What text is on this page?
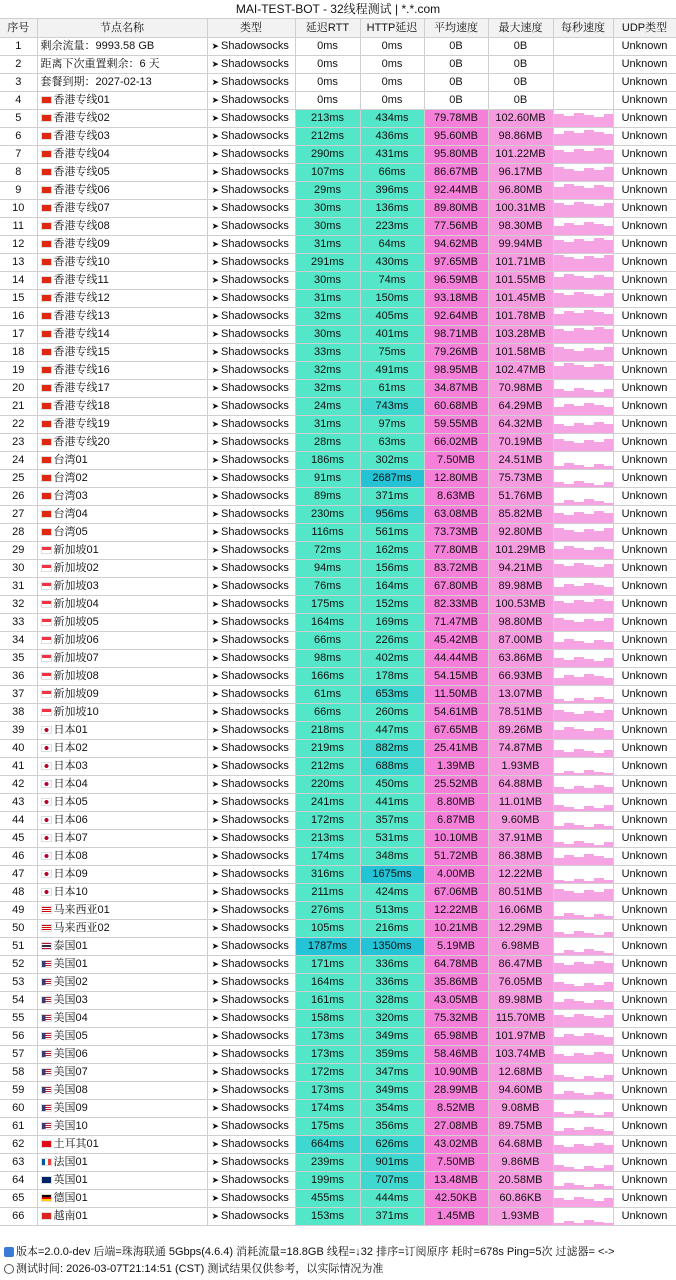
MAI-TEST-BOT - 32线程测试 | *.*.com
序号	节点名称	类型	延迟RTT	HTTP延迟	平均速度	最大速度	每秒速度	UDP类型
1	剩余流量：9993.58 GB	➤ Shadowsocks	0ms	0ms	0B	0B		Unknown
2	距离下次重置剩余：6 天	➤ Shadowsocks	0ms	0ms	0B	0B		Unknown
3	套餐到期：2027-02-13	➤ Shadowsocks	0ms	0ms	0B	0B		Unknown
4	香港专线01	➤ Shadowsocks	0ms	0ms	0B	0B		Unknown
5	香港专线02	➤ Shadowsocks	213ms	434ms	79.78MB	102.60MB		Unknown
6	香港专线03	➤ Shadowsocks	212ms	436ms	95.60MB	98.86MB		Unknown
7	香港专线04	➤ Shadowsocks	290ms	431ms	95.80MB	101.22MB		Unknown
8	香港专线05	➤ Shadowsocks	107ms	66ms	86.67MB	96.17MB		Unknown
9	香港专线06	➤ Shadowsocks	29ms	396ms	92.44MB	96.80MB		Unknown
10	香港专线07	➤ Shadowsocks	30ms	136ms	89.80MB	100.31MB		Unknown
11	香港专线08	➤ Shadowsocks	30ms	223ms	77.56MB	98.30MB		Unknown
12	香港专线09	➤ Shadowsocks	31ms	64ms	94.62MB	99.94MB		Unknown
13	香港专线10	➤ Shadowsocks	291ms	430ms	97.65MB	101.71MB		Unknown
14	香港专线11	➤ Shadowsocks	30ms	74ms	96.59MB	101.55MB		Unknown
15	香港专线12	➤ Shadowsocks	31ms	150ms	93.18MB	101.45MB		Unknown
16	香港专线13	➤ Shadowsocks	32ms	405ms	92.64MB	101.78MB		Unknown
17	香港专线14	➤ Shadowsocks	30ms	401ms	98.71MB	103.28MB		Unknown
18	香港专线15	➤ Shadowsocks	33ms	75ms	79.26MB	101.58MB		Unknown
19	香港专线16	➤ Shadowsocks	32ms	491ms	98.95MB	102.47MB		Unknown
20	香港专线17	➤ Shadowsocks	32ms	61ms	34.87MB	70.98MB		Unknown
21	香港专线18	➤ Shadowsocks	24ms	743ms	60.68MB	64.29MB		Unknown
22	香港专线19	➤ Shadowsocks	31ms	97ms	59.55MB	64.32MB		Unknown
23	香港专线20	➤ Shadowsocks	28ms	63ms	66.02MB	70.19MB		Unknown
24	台湾01	➤ Shadowsocks	186ms	302ms	7.50MB	24.51MB		Unknown
25	台湾02	➤ Shadowsocks	91ms	2687ms	12.80MB	75.73MB		Unknown
26	台湾03	➤ Shadowsocks	89ms	371ms	8.63MB	51.76MB		Unknown
27	台湾04	➤ Shadowsocks	230ms	956ms	63.08MB	85.82MB		Unknown
28	台湾05	➤ Shadowsocks	116ms	561ms	73.73MB	92.80MB		Unknown
29	新加坡01	➤ Shadowsocks	72ms	162ms	77.80MB	101.29MB		Unknown
30	新加坡02	➤ Shadowsocks	94ms	156ms	83.72MB	94.21MB		Unknown
31	新加坡03	➤ Shadowsocks	76ms	164ms	67.80MB	89.98MB		Unknown
32	新加坡04	➤ Shadowsocks	175ms	152ms	82.33MB	100.53MB		Unknown
33	新加坡05	➤ Shadowsocks	164ms	169ms	71.47MB	98.80MB		Unknown
34	新加坡06	➤ Shadowsocks	66ms	226ms	45.42MB	87.00MB		Unknown
35	新加坡07	➤ Shadowsocks	98ms	402ms	44.44MB	63.86MB		Unknown
36	新加坡08	➤ Shadowsocks	166ms	178ms	54.15MB	66.93MB		Unknown
37	新加坡09	➤ Shadowsocks	61ms	653ms	11.50MB	13.07MB		Unknown
38	新加坡10	➤ Shadowsocks	66ms	260ms	54.61MB	78.51MB		Unknown
39	日本01	➤ Shadowsocks	218ms	447ms	67.65MB	89.26MB		Unknown
40	日本02	➤ Shadowsocks	219ms	882ms	25.41MB	74.87MB		Unknown
41	日本03	➤ Shadowsocks	212ms	688ms	1.39MB	1.93MB		Unknown
42	日本04	➤ Shadowsocks	220ms	450ms	25.52MB	64.88MB		Unknown
43	日本05	➤ Shadowsocks	241ms	441ms	8.80MB	11.01MB		Unknown
44	日本06	➤ Shadowsocks	172ms	357ms	6.87MB	9.60MB		Unknown
45	日本07	➤ Shadowsocks	213ms	531ms	10.10MB	37.91MB		Unknown
46	日本08	➤ Shadowsocks	174ms	348ms	51.72MB	86.38MB		Unknown
47	日本09	➤ Shadowsocks	316ms	1675ms	4.00MB	12.22MB		Unknown
48	日本10	➤ Shadowsocks	211ms	424ms	67.06MB	80.51MB		Unknown
49	马来西亚01	➤ Shadowsocks	276ms	513ms	12.22MB	16.06MB		Unknown
50	马来西亚02	➤ Shadowsocks	105ms	216ms	10.21MB	12.29MB		Unknown
51	泰国01	➤ Shadowsocks	1787ms	1350ms	5.19MB	6.98MB		Unknown
52	美国01	➤ Shadowsocks	171ms	336ms	64.78MB	86.47MB		Unknown
53	美国02	➤ Shadowsocks	164ms	336ms	35.86MB	76.05MB		Unknown
54	美国03	➤ Shadowsocks	161ms	328ms	43.05MB	89.98MB		Unknown
55	美国04	➤ Shadowsocks	158ms	320ms	75.32MB	115.70MB		Unknown
56	美国05	➤ Shadowsocks	173ms	349ms	65.98MB	101.97MB		Unknown
57	美国06	➤ Shadowsocks	173ms	359ms	58.46MB	103.74MB		Unknown
58	美国07	➤ Shadowsocks	172ms	347ms	10.90MB	12.68MB		Unknown
59	美国08	➤ Shadowsocks	173ms	349ms	28.99MB	94.60MB		Unknown
60	美国09	➤ Shadowsocks	174ms	354ms	8.52MB	9.08MB		Unknown
61	美国10	➤ Shadowsocks	175ms	356ms	27.08MB	89.75MB		Unknown
62	土耳其01	➤ Shadowsocks	664ms	626ms	43.02MB	64.68MB		Unknown
63	法国01	➤ Shadowsocks	239ms	901ms	7.50MB	9.86MB		Unknown
64	英国01	➤ Shadowsocks	199ms	707ms	13.48MB	20.58MB		Unknown
65	德国01	➤ Shadowsocks	455ms	444ms	42.50KB	60.86KB		Unknown
66	越南01	➤ Shadowsocks	153ms	371ms	1.45MB	1.93MB		Unknown
版本=2.0.0-dev 后端=珠海联通 5Gbps(4.6.4) 消耗流量=18.8GB 线程=↓32 排序=订阅原序 耗时=678s Ping=5次 过滤器= <->
测试时间: 2026-03-07T21:14:51 (CST) 测试结果仅供参考，以实际情况为准
